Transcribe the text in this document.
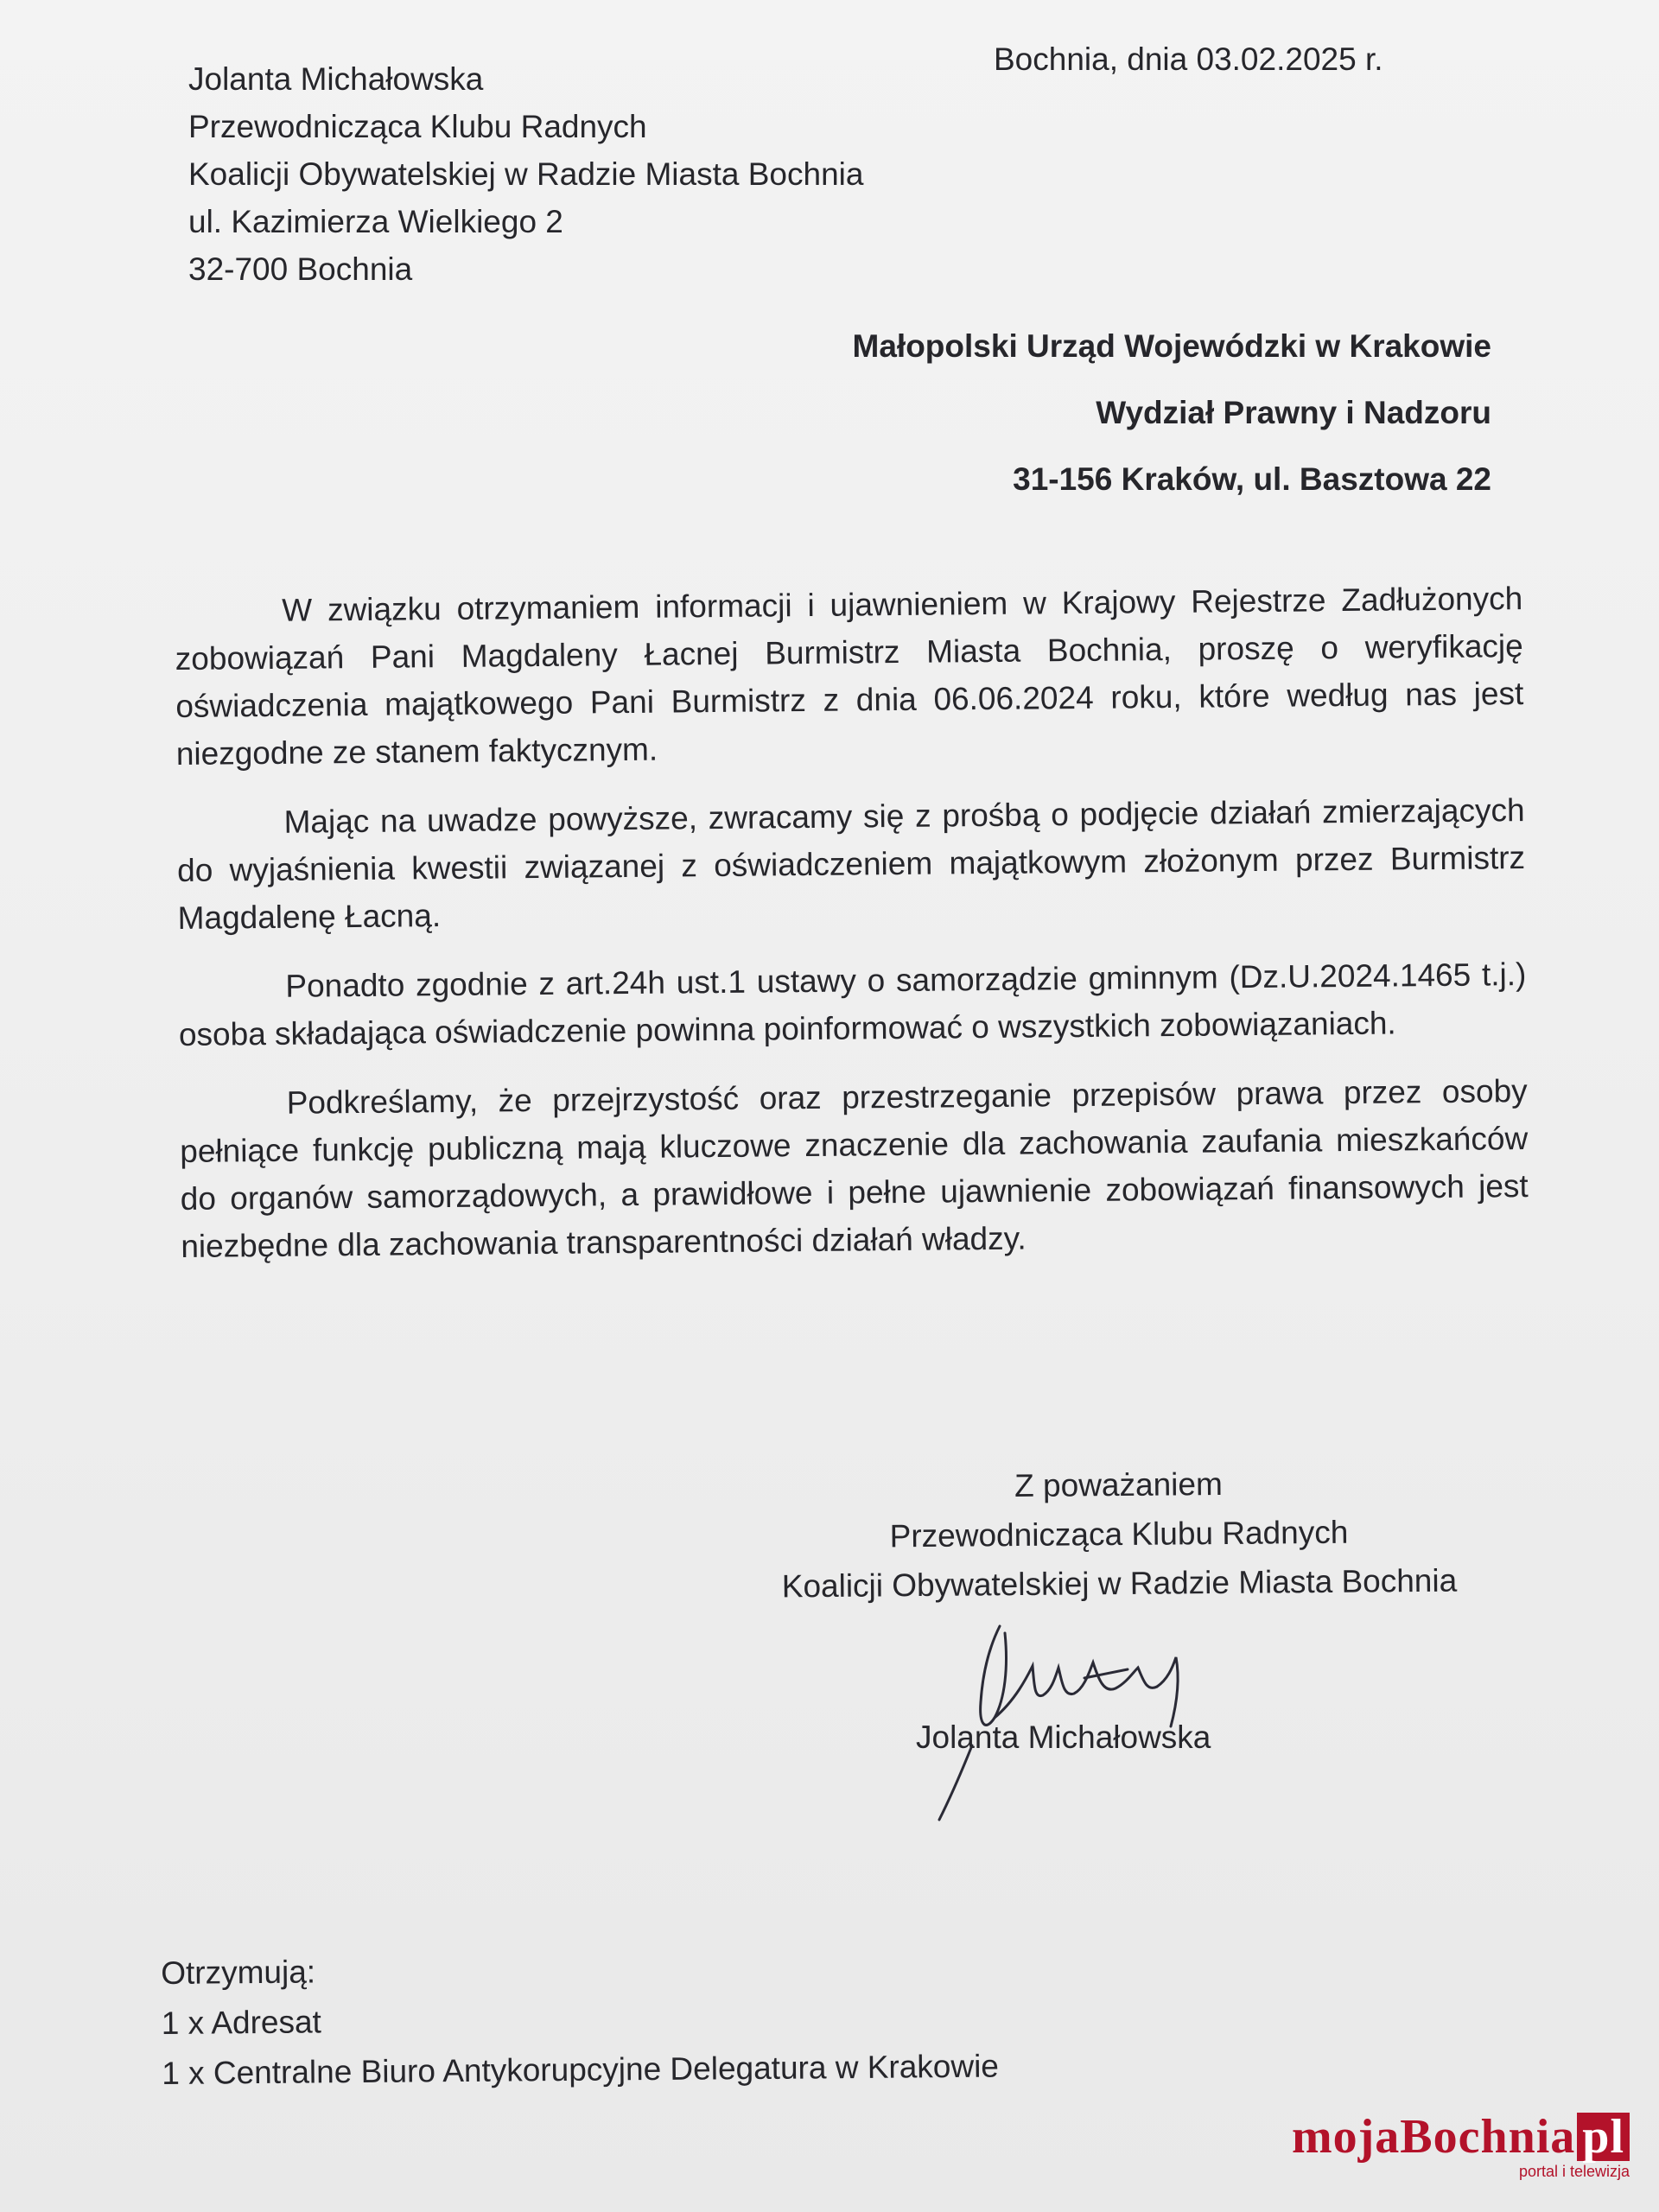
Jolanta Michałowska
Przewodnicząca Klubu Radnych
Koalicji Obywatelskiej w Radzie Miasta Bochnia
ul. Kazimierza Wielkiego 2
32-700 Bochnia
Bochnia, dnia 03.02.2025 r.
Małopolski Urząd Wojewódzki w Krakowie
Wydział Prawny i Nadzoru
31-156 Kraków, ul. Basztowa 22

W związku otrzymaniem informacji i ujawnieniem w Krajowy Rejestrze Zadłużonych zobowiązań Pani Magdaleny Łacnej Burmistrz Miasta Bochnia, proszę o weryfikację oświadczenia majątkowego Pani Burmistrz z dnia 06.06.2024 roku, które według nas jest niezgodne ze stanem faktycznym.

Mając na uwadze powyższe, zwracamy się z prośbą o podjęcie działań zmierzających do wyjaśnienia kwestii związanej z oświadczeniem majątkowym złożonym przez Burmistrz Magdalenę Łacną.

Ponadto zgodnie z art.24h ust.1 ustawy o samorządzie gminnym (Dz.U.2024.1465 t.j.) osoba składająca oświadczenie powinna poinformować o wszystkich zobowiązaniach.

Podkreślamy, że przejrzystość oraz przestrzeganie przepisów prawa przez osoby pełniące funkcję publiczną mają kluczowe znaczenie dla zachowania zaufania mieszkańców do organów samorządowych, a prawidłowe i pełne ujawnienie zobowiązań finansowych jest niezbędne dla zachowania transparentności działań władzy.

Z poważaniem
Przewodnicząca Klubu Radnych
Koalicji Obywatelskiej w Radzie Miasta Bochnia
Jolanta Michałowska
Otrzymują:
1 x Adresat
1 x Centralne Biuro Antykorupcyjne Delegatura w Krakowie
mojaBochnia pl
portal i telewizja
